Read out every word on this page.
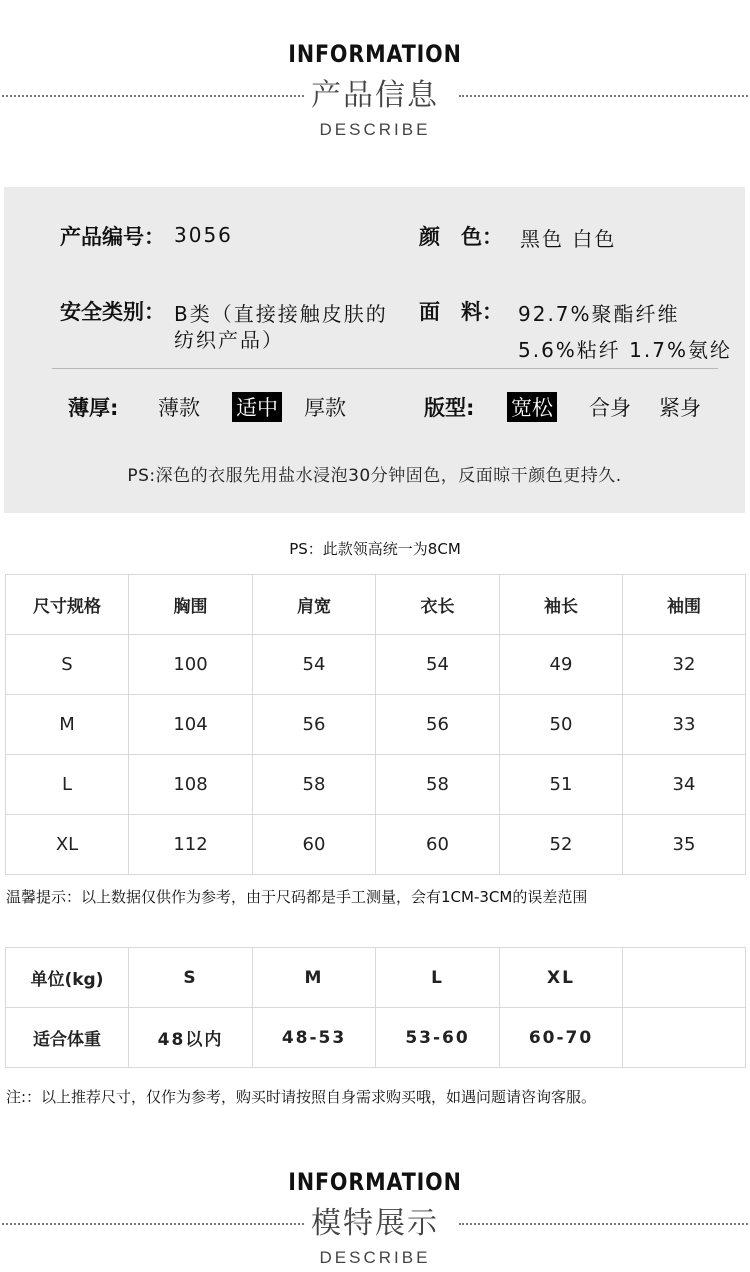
INFORMATION
产品信息
DESCRIBE
产品编号： 3056	颜　色： 黑色 白色
安全类别： B类（直接接触皮肤的
纺织产品）
面　料： 92.7%聚酯纤维
5.6%粘纤 1.7%氨纶
薄厚: 薄款 适中 厚款	版型: 宽松 合身 紧身
PS:深色的衣服先用盐水浸泡30分钟固色，反面晾干颜色更持久.
PS：此款领高统一为8CM
尺寸规格	胸围	肩宽	衣长	袖长	袖围
S	100	54	54	49	32
M	104	56	56	50	33
L	108	58	58	51	34
XL	112	60	60	52	35
温馨提示：以上数据仅供作为参考，由于尺码都是手工测量，会有1CM-3CM的误差范围
单位(kg)	S	M	L	XL	
适合体重	48以内	48-53	53-60	60-70	
注:：以上推荐尺寸，仅作为参考，购买时请按照自身需求购买哦，如遇问题请咨询客服。
INFORMATION
模特展示
DESCRIBE
